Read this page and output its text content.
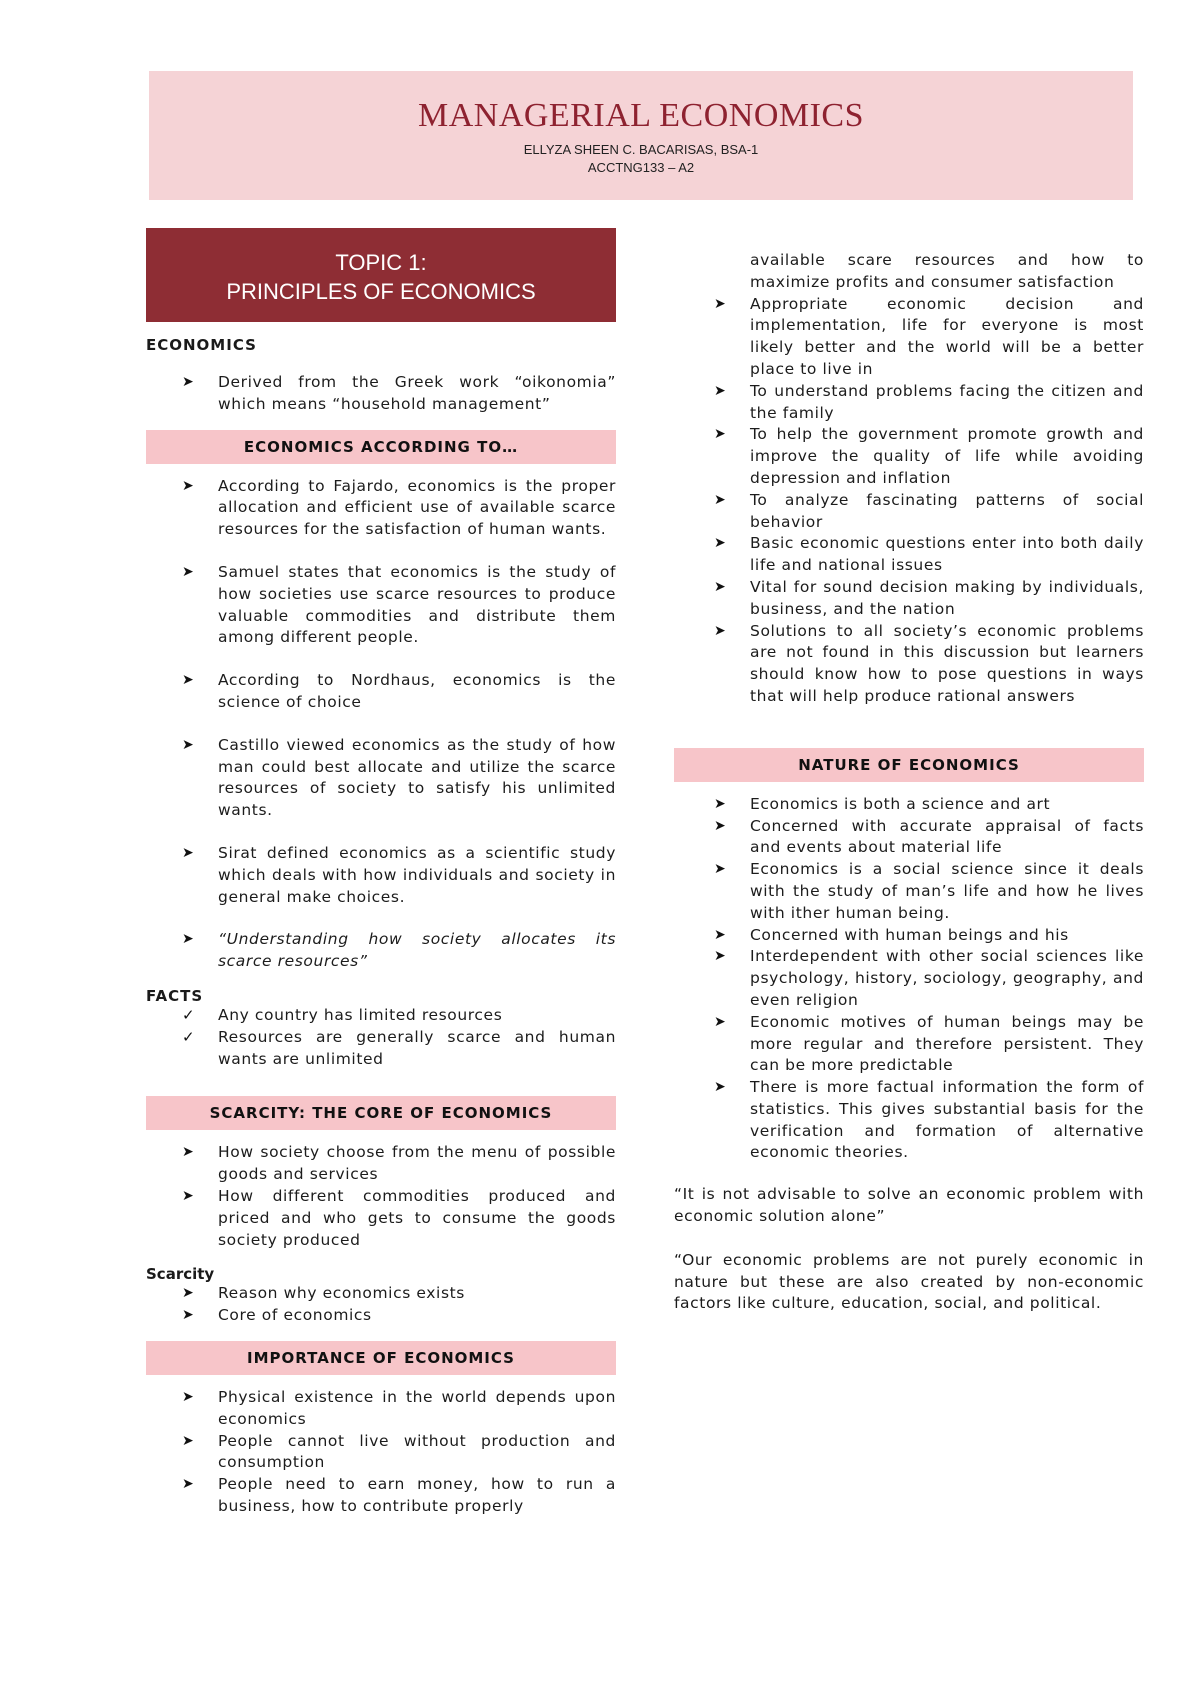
MANAGERIAL ECONOMICS
ELLYZA SHEEN C. BACARISAS, BSA-1
ACCTNG133 – A2
TOPIC 1:
PRINCIPLES OF ECONOMICS

ECONOMICS

➤ Derived from the Greek work “oikonomia” which means “household management”
ECONOMICS ACCORDING TO…
➤ According to Fajardo, economics is the proper allocation and efficient use of available scarce resources for the satisfaction of human wants.
➤ Samuel states that economics is the study of how societies use scarce resources to produce valuable commodities and distribute them among different people.
➤ According to Nordhaus, economics is the science of choice
➤ Castillo viewed economics as the study of how man could best allocate and utilize the scarce resources of society to satisfy his unlimited wants.
➤ Sirat defined economics as a scientific study which deals with how individuals and society in general make choices.
➤ “Understanding how society allocates its scarce resources”

FACTS

✓ Any country has limited resources
✓ Resources are generally scarce and human wants are unlimited
SCARCITY: THE CORE OF ECONOMICS
➤ How society choose from the menu of possible goods and services
➤ How different commodities produced and priced and who gets to consume the goods society produced

Scarcity

➤ Reason why economics exists
➤ Core of economics
IMPORTANCE OF ECONOMICS
➤ Physical existence in the world depends upon economics
➤ People cannot live without production and consumption
➤ People need to earn money, how to run a business, how to contribute properly
available scare resources and how to maximize profits and consumer satisfaction
➤ Appropriate economic decision and implementation, life for everyone is most likely better and the world will be a better place to live in
➤ To understand problems facing the citizen and the family
➤ To help the government promote growth and improve the quality of life while avoiding depression and inflation
➤ To analyze fascinating patterns of social behavior
➤ Basic economic questions enter into both daily life and national issues
➤ Vital for sound decision making by individuals, business, and the nation
➤ Solutions to all society’s economic problems are not found in this discussion but learners should know how to pose questions in ways that will help produce rational answers
NATURE OF ECONOMICS
➤ Economics is both a science and art
➤ Concerned with accurate appraisal of facts and events about material life
➤ Economics is a social science since it deals with the study of man’s life and how he lives with ither human being.
➤ Concerned with human beings and his
➤ Interdependent with other social sciences like psychology, history, sociology, geography, and even religion
➤ Economic motives of human beings may be more regular and therefore persistent. They can be more predictable
➤ There is more factual information the form of statistics. This gives substantial basis for the verification and formation of alternative economic theories.

“It is not advisable to solve an economic problem with economic solution alone”

“Our economic problems are not purely economic in nature but these are also created by non-economic factors like culture, education, social, and political.
